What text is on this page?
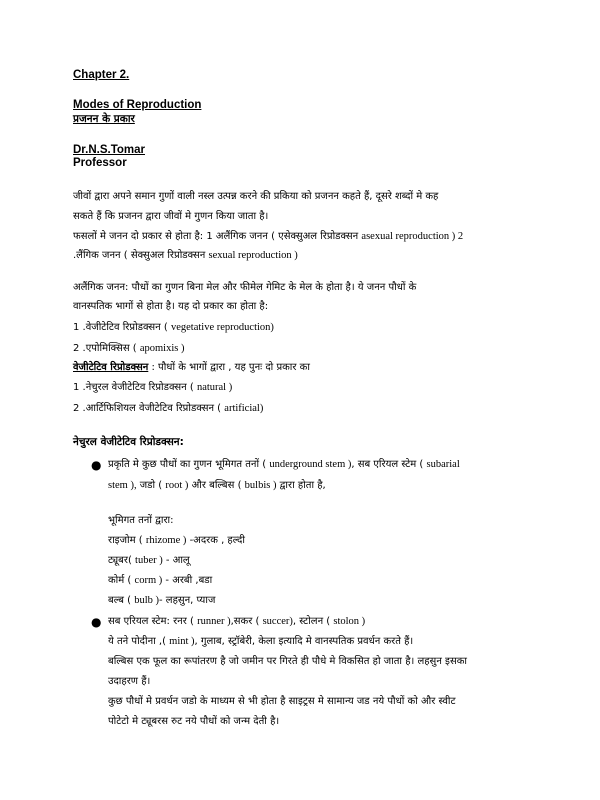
Chapter 2.
Modes of Reproduction
प्रजनन के प्रकार
Dr.N.S.Tomar
Professor
जीवों द्वारा अपने समान गुणों वाली नस्ल उत्पन्न करने की प्रकिया को प्रजनन कहते हैं, दूसरे शब्दों मे कह
सकते हैं कि प्रजनन द्वारा जीवों मे गुणन किया जाता है।
फसलों मे जनन दो प्रकार से होता है: 1 अलैंगिक जनन ( एसेक्सुअल रिप्रोडक्सन asexual reproduction ) 2
.लैंगिक जनन ( सेक्सुअल रिप्रोडक्सन sexual reproduction )
अलैंगिक जनन: पौधों का गुणन बिना मेल और फीमेल गेमिट के मेल के होता है। ये जनन पौधों के
वानस्पतिक भागों से होता है। यह दो प्रकार का होता है:
1 .वेजीटेटिव रिप्रोडक्सन ( vegetative reproduction)
2 .एपोमिक्सिस ( apomixis )
वेजीटेटिव रिप्रोडक्सन : पौधों के भागों द्वारा , यह पुनः दो प्रकार का
1 .नेचुरल वेजीटेटिव रिप्रोडक्सन ( natural )
2 .आर्टिफिशियल वेजीटेटिव रिप्रोडक्सन ( artificial)
नेचुरल वेजीटेटिव रिप्रोडक्सन:
● प्रकृति मे कुछ पौधों का गुणन भूमिगत तनों ( underground stem ), सब एरियल स्टेम ( subarial
stem ), जडो ( root ) और बल्बिस ( bulbis ) द्वारा होता है,
भूमिगत तनों द्वारा:
राइजोम ( rhizome ) -अदरक , हल्दी
ट्यूबर( tuber ) - आलू
कोर्म ( corm ) - अरबी ,बडा
बल्ब ( bulb )- लहसुन, प्याज
● सब एरियल स्टेम: रनर ( runner ),सकर ( succer), स्टोलन ( stolon )
ये तने पोदीना ,( mint ), गुलाब, स्ट्रॉबेरी, केला इत्यादि मे वानस्पतिक प्रवर्धन करते हैं।
बल्बिस एक फूल का रूपांतरण है जो जमीन पर गिरते ही पौधे मे विकसित हो जाता है। लहसुन इसका
उदाहरण हैं।
कुछ पौधों मे प्रवर्धन जडो के माध्यम से भी होता है साइट्रस मे सामान्य जड नये पौधों को और स्वीट
पोटेटो मे ट्यूबरस रुट नये पौधों को जन्म देती है।
